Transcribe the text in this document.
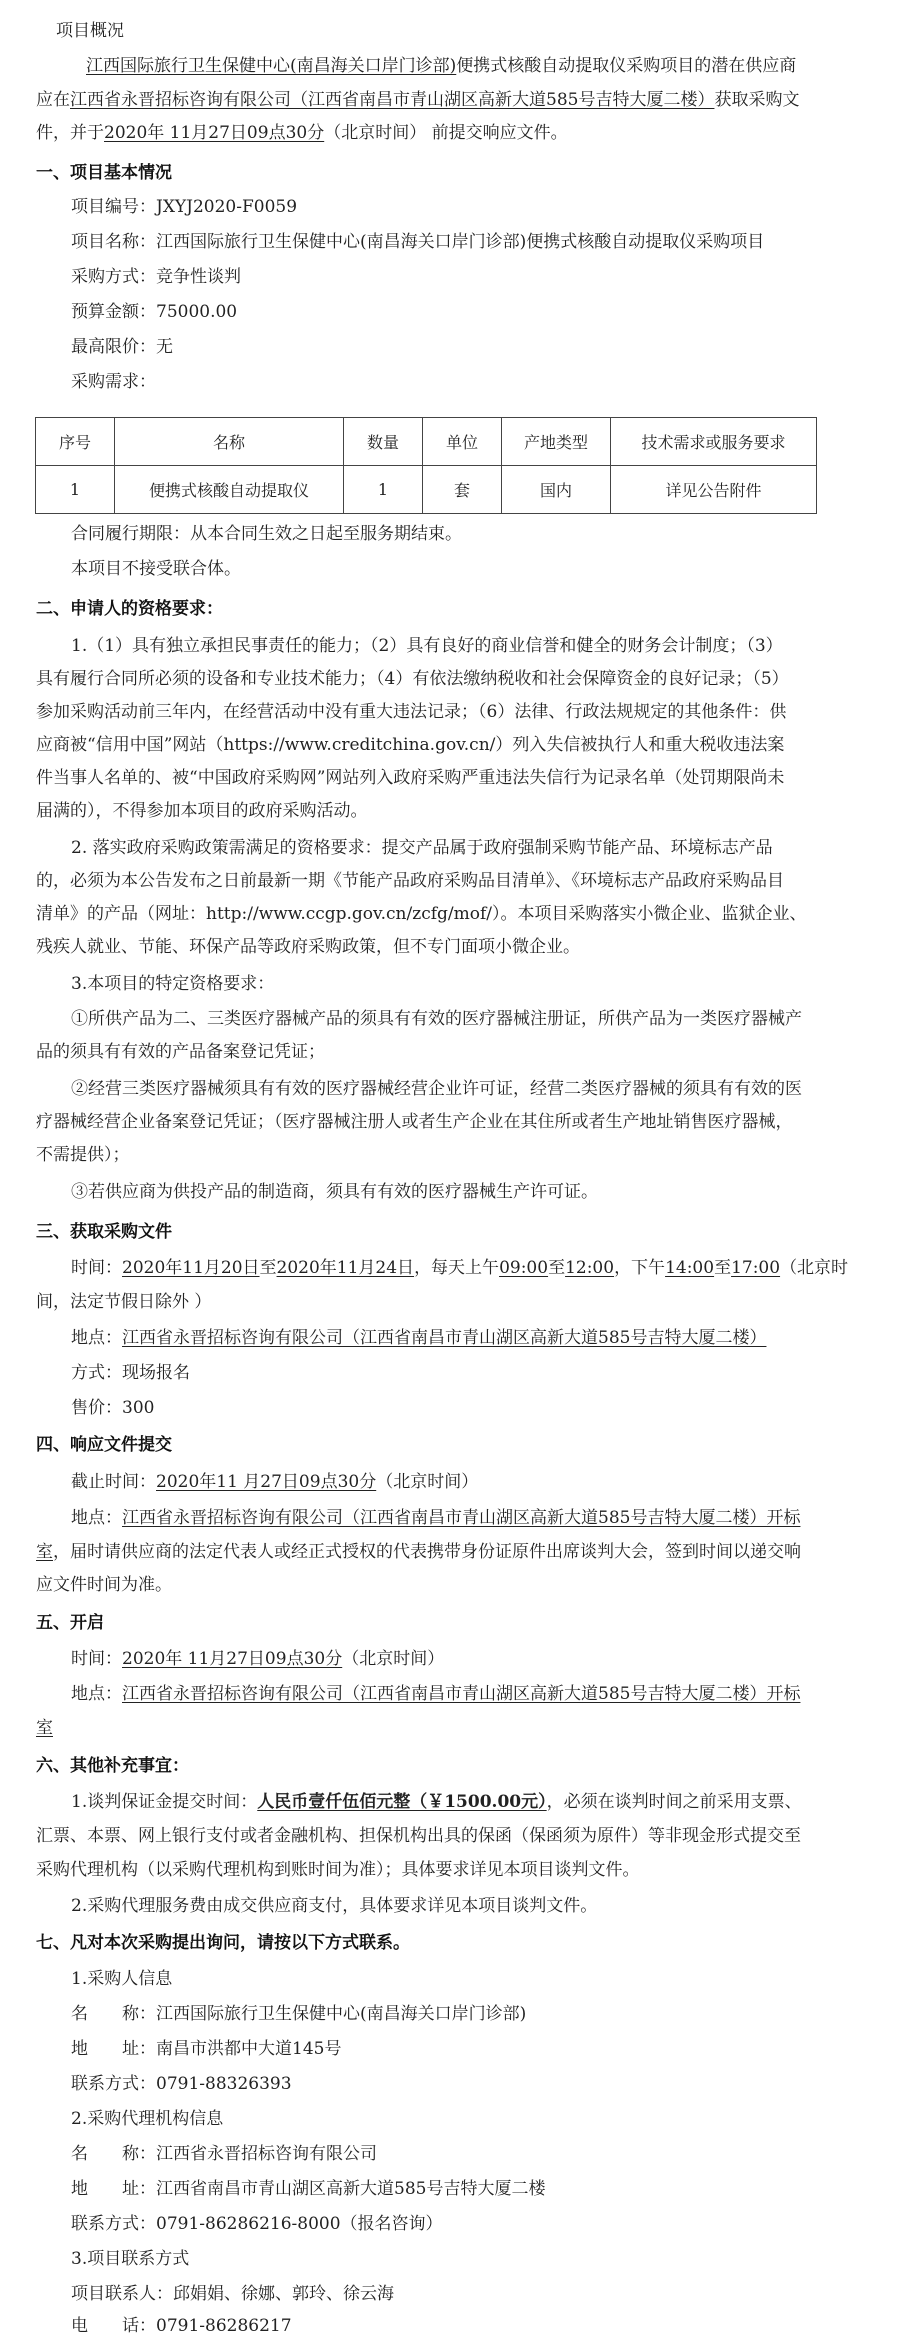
项目概况
江西国际旅行卫生保健中心(南昌海关口岸门诊部)便携式核酸自动提取仪采购项目的潜在供应商
应在江西省永晋招标咨询有限公司（江西省南昌市青山湖区高新大道585号吉特大厦二楼）获取采购文
件，并于2020年 11月27日09点30分（北京时间） 前提交响应文件。
一、项目基本情况
项目编号：JXYJ2020-F0059
项目名称：江西国际旅行卫生保健中心(南昌海关口岸门诊部)便携式核酸自动提取仪采购项目
采购方式：竞争性谈判
预算金额：75000.00
最高限价：无
采购需求：
序号	名称	数量	单位	产地类型	技术需求或服务要求
1	便携式核酸自动提取仪	1	套	国内	详见公告附件
合同履行期限：从本合同生效之日起至服务期结束。
本项目不接受联合体。
二、申请人的资格要求：
1.（1）具有独立承担民事责任的能力；（2）具有良好的商业信誉和健全的财务会计制度；（3）
具有履行合同所必须的设备和专业技术能力；（4）有依法缴纳税收和社会保障资金的良好记录；（5）
参加采购活动前三年内，在经营活动中没有重大违法记录；（6）法律、行政法规规定的其他条件：供
应商被“信用中国”网站（https://www.creditchina.gov.cn/）列入失信被执行人和重大税收违法案
件当事人名单的、被“中国政府采购网”网站列入政府采购严重违法失信行为记录名单（处罚期限尚未
届满的），不得参加本项目的政府采购活动。
2. 落实政府采购政策需满足的资格要求：提交产品属于政府强制采购节能产品、环境标志产品
的，必须为本公告发布之日前最新一期《节能产品政府采购品目清单》、《环境标志产品政府采购品目
清单》的产品（网址：http://www.ccgp.gov.cn/zcfg/mof/）。本项目采购落实小微企业、监狱企业、
残疾人就业、节能、环保产品等政府采购政策，但不专门面项小微企业。
3.本项目的特定资格要求：
①所供产品为二、三类医疗器械产品的须具有有效的医疗器械注册证，所供产品为一类医疗器械产
品的须具有有效的产品备案登记凭证；
②经营三类医疗器械须具有有效的医疗器械经营企业许可证，经营二类医疗器械的须具有有效的医
疗器械经营企业备案登记凭证；（医疗器械注册人或者生产企业在其住所或者生产地址销售医疗器械，
不需提供）；
③若供应商为供投产品的制造商，须具有有效的医疗器械生产许可证。
三、获取采购文件
时间：2020年11月20日至2020年11月24日，每天上午09:00至12:00，下午14:00至17:00（北京时
间，法定节假日除外 ）
地点：江西省永晋招标咨询有限公司（江西省南昌市青山湖区高新大道585号吉特大厦二楼）
方式：现场报名
售价：300
四、响应文件提交
截止时间：2020年11 月27日09点30分（北京时间）
地点：江西省永晋招标咨询有限公司（江西省南昌市青山湖区高新大道585号吉特大厦二楼）开标
室，届时请供应商的法定代表人或经正式授权的代表携带身份证原件出席谈判大会，签到时间以递交响
应文件时间为准。
五、开启
时间：2020年 11月27日09点30分（北京时间）
地点：江西省永晋招标咨询有限公司（江西省南昌市青山湖区高新大道585号吉特大厦二楼）开标
室
六、其他补充事宜：
1.谈判保证金提交时间：人民币壹仟伍佰元整（￥1500.00元），必须在谈判时间之前采用支票、
汇票、本票、网上银行支付或者金融机构、担保机构出具的保函（保函须为原件）等非现金形式提交至
采购代理机构（以采购代理机构到账时间为准）；具体要求详见本项目谈判文件。
2.采购代理服务费由成交供应商支付，具体要求详见本项目谈判文件。
七、凡对本次采购提出询问，请按以下方式联系。
1.采购人信息
名　　称：江西国际旅行卫生保健中心(南昌海关口岸门诊部)
地　　址：南昌市洪都中大道145号
联系方式：0791-88326393
2.采购代理机构信息
名　　称：江西省永晋招标咨询有限公司
地　　址：江西省南昌市青山湖区高新大道585号吉特大厦二楼
联系方式：0791-86286216-8000（报名咨询）
3.项目联系方式
项目联系人：邱娟娟、徐娜、郭玲、徐云海
电　　话：0791-86286217
